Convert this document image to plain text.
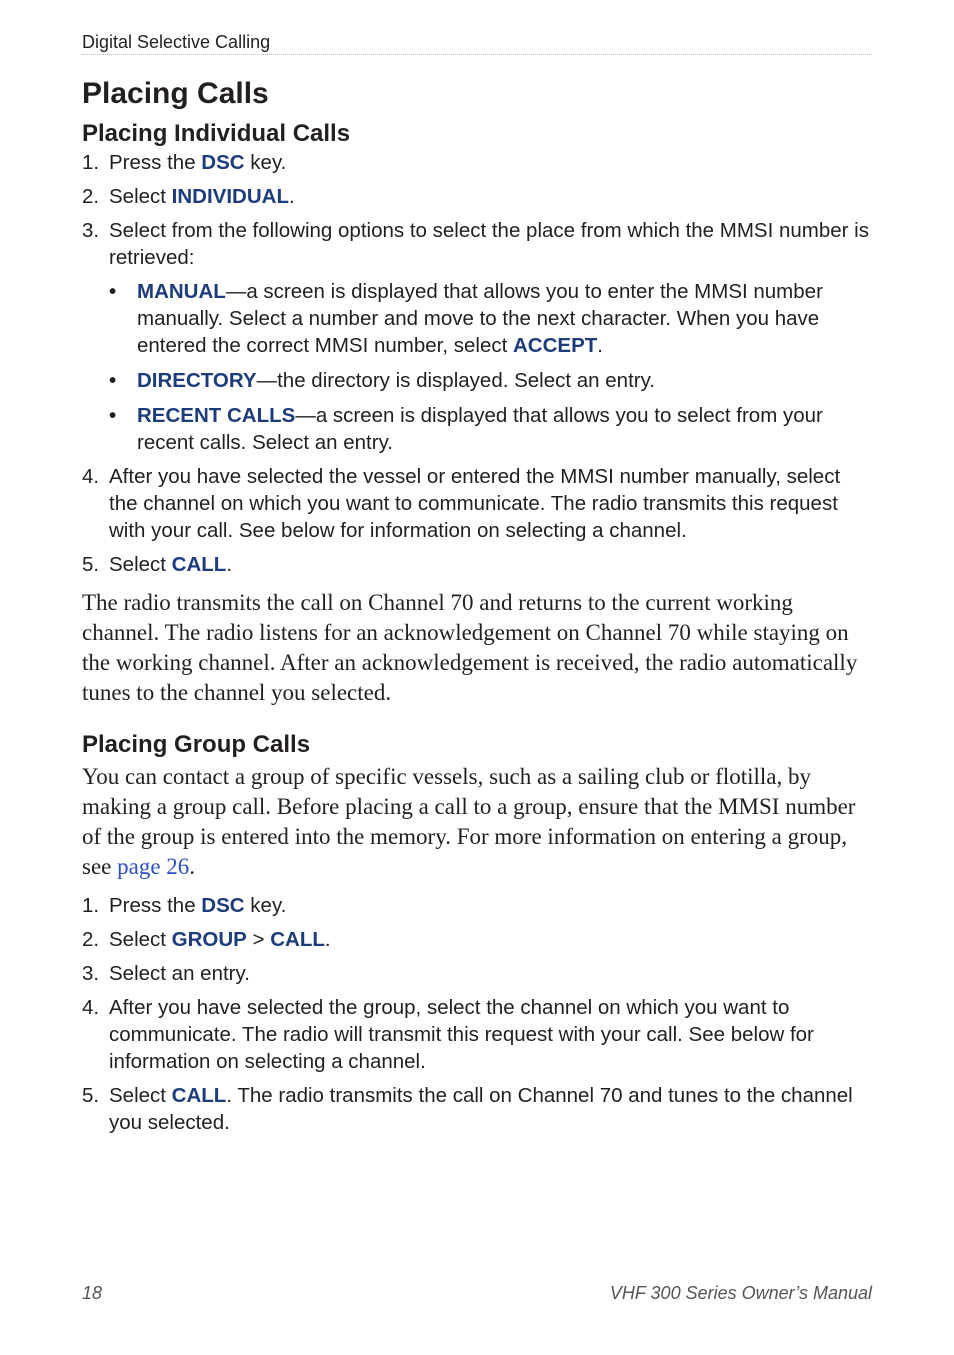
Digital Selective Calling
Placing Calls
Placing Individual Calls
1. Press the DSC key.
2. Select INDIVIDUAL.
3. Select from the following options to select the place from which the MMSI number is retrieved:
• MANUAL—a screen is displayed that allows you to enter the MMSI number manually. Select a number and move to the next character. When you have entered the correct MMSI number, select ACCEPT.
• DIRECTORY—the directory is displayed. Select an entry.
• RECENT CALLS—a screen is displayed that allows you to select from your recent calls. Select an entry.
4. After you have selected the vessel or entered the MMSI number manually, select the channel on which you want to communicate. The radio transmits this request with your call. See below for information on selecting a channel.
5. Select CALL.

The radio transmits the call on Channel 70 and returns to the current working channel. The radio listens for an acknowledgement on Channel 70 while staying on the working channel. After an acknowledgement is received, the radio automatically tunes to the channel you selected.

Placing Group Calls

You can contact a group of specific vessels, such as a sailing club or flotilla, by making a group call. Before placing a call to a group, ensure that the MMSI number of the group is entered into the memory. For more information on entering a group, see page 26.

1. Press the DSC key.
2. Select GROUP > CALL.
3. Select an entry.
4. After you have selected the group, select the channel on which you want to communicate. The radio will transmit this request with your call. See below for information on selecting a channel.
5. Select CALL. The radio transmits the call on Channel 70 and tunes to the channel you selected.
18	VHF 300 Series Owner’s Manual
